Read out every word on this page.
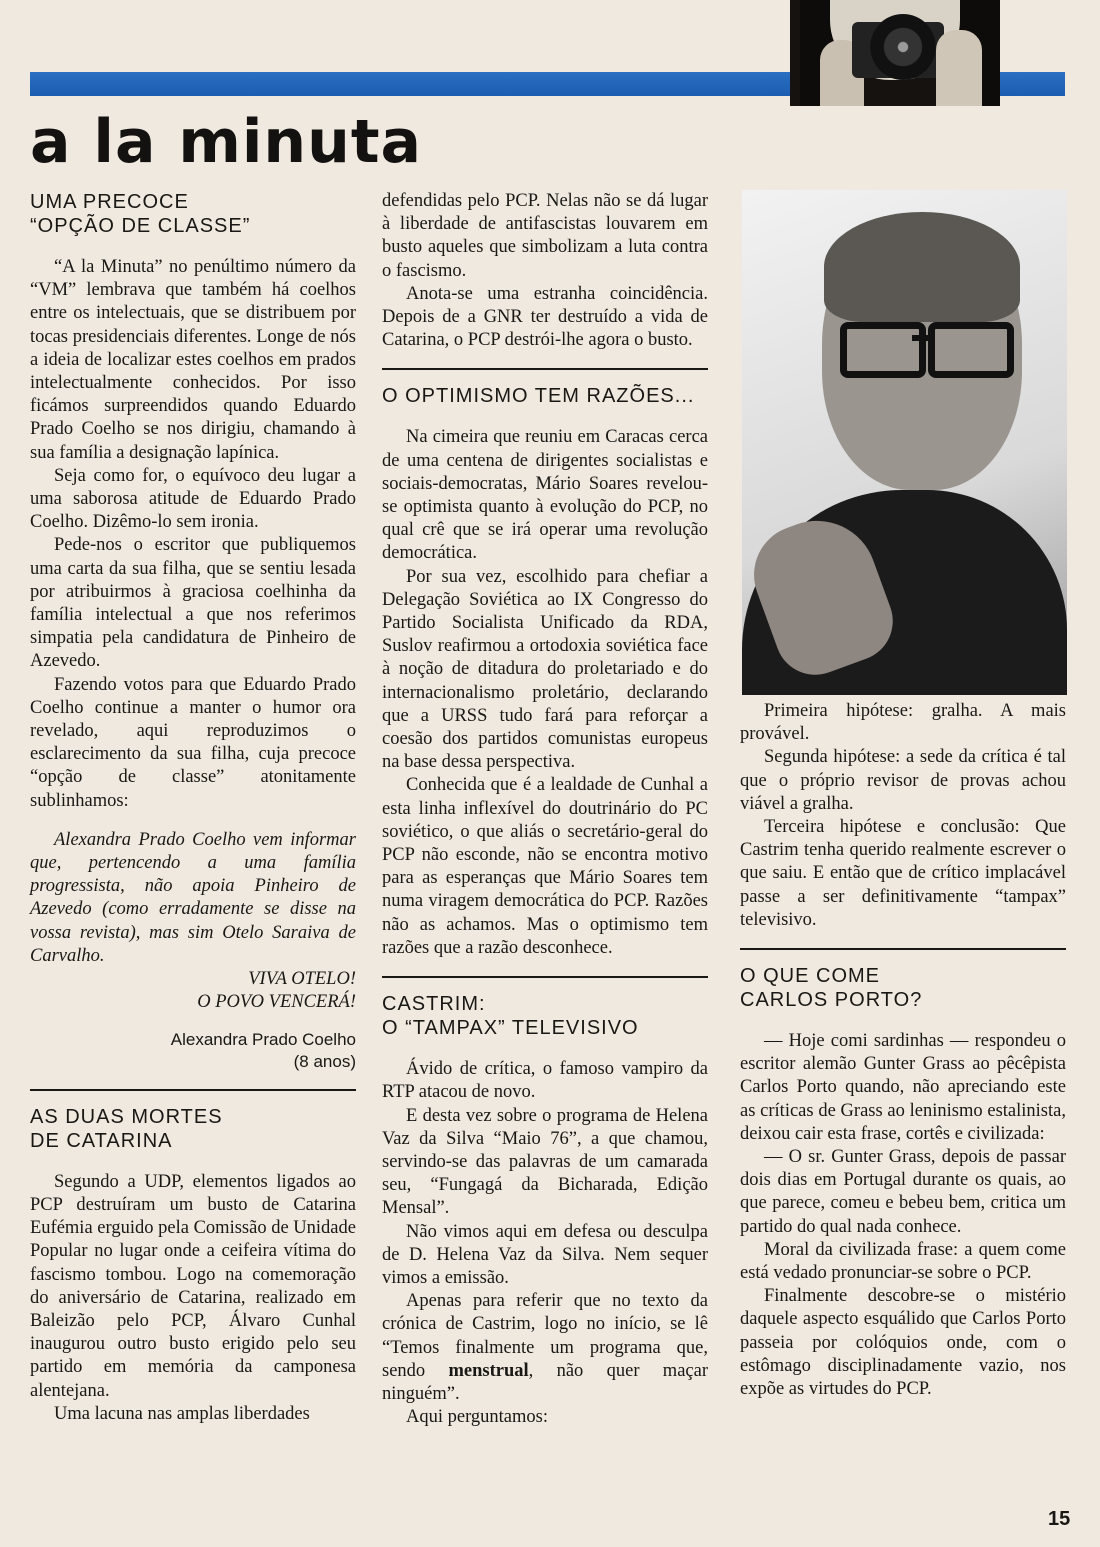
a la minuta
UMA PRECOCE
“OPÇÃO DE CLASSE”

“A la Minuta” no penúltimo número da “VM” lembrava que também há coelhos entre os intelectuais, que se distribuem por tocas presidenciais diferentes. Longe de nós a ideia de localizar estes coelhos em prados intelectualmente conhecidos. Por isso ficámos surpreendidos quando Eduardo Prado Coelho se nos dirigiu, chamando à sua família a designação lapínica.

Seja como for, o equívoco deu lugar a uma saborosa atitude de Eduardo Prado Coelho. Dizêmo-lo sem ironia.

Pede-nos o escritor que publiquemos uma carta da sua filha, que se sentiu lesada por atribuirmos à graciosa coelhinha da família intelectual a que nos referimos simpatia pela candidatura de Pinheiro de Azevedo.

Fazendo votos para que Eduardo Prado Coelho continue a manter o humor ora revelado, aqui reproduzimos o esclarecimento da sua filha, cuja precoce “opção de classe” atonitamente sublinhamos:

Alexandra Prado Coelho vem informar que, pertencendo a uma família progressista, não apoia Pinheiro de Azevedo (como erradamente se disse na vossa revista), mas sim Otelo Saraiva de Carvalho.

VIVA OTELO!

O POVO VENCERÁ!

Alexandra Prado Coelho
(8 anos)
AS DUAS MORTES
DE CATARINA

Segundo a UDP, elementos ligados ao PCP destruíram um busto de Catarina Eufémia erguido pela Comissão de Unidade Popular no lugar onde a ceifeira vítima do fascismo tombou. Logo na comemoração do aniversário de Catarina, realizado em Baleizão pelo PCP, Álvaro Cunhal inaugurou outro busto erigido pelo seu partido em memória da camponesa alentejana.

Uma lacuna nas amplas liberdades

defendidas pelo PCP. Nelas não se dá lugar à liberdade de antifascistas louvarem em busto aqueles que simbolizam a luta contra o fascismo.

Anota-se uma estranha coincidência. Depois de a GNR ter destruído a vida de Catarina, o PCP destrói-lhe agora o busto.

O OPTIMISMO TEM RAZÕES...

Na cimeira que reuniu em Caracas cerca de uma centena de dirigentes socialistas e sociais-democratas, Mário Soares revelou-se optimista quanto à evolução do PCP, no qual crê que se irá operar uma revolução democrática.

Por sua vez, escolhido para chefiar a Delegação Soviética ao IX Congresso do Partido Socialista Unificado da RDA, Suslov reafirmou a ortodoxia soviética face à noção de ditadura do proletariado e do internacionalismo proletário, declarando que a URSS tudo fará para reforçar a coesão dos partidos comunistas europeus na base dessa perspectiva.

Conhecida que é a lealdade de Cunhal a esta linha inflexível do doutrinário do PC soviético, o que aliás o secretário-geral do PCP não esconde, não se encontra motivo para as esperanças que Mário Soares tem numa viragem democrática do PCP. Razões não as achamos. Mas o optimismo tem razões que a razão desconhece.

CASTRIM:
O “TAMPAX” TELEVISIVO

Ávido de crítica, o famoso vampiro da RTP atacou de novo.

E desta vez sobre o programa de Helena Vaz da Silva “Maio 76”, a que chamou, servindo-se das palavras de um camarada seu, “Fungagá da Bicharada, Edição Mensal”.

Não vimos aqui em defesa ou desculpa de D. Helena Vaz da Silva. Nem sequer vimos a emissão.

Apenas para referir que no texto da crónica de Castrim, logo no início, se lê “Temos finalmente um programa que, sendo menstrual, não quer maçar ninguém”.

Aqui perguntamos:

Primeira hipótese: gralha. A mais provável.

Segunda hipótese: a sede da crítica é tal que o próprio revisor de provas achou viável a gralha.

Terceira hipótese e conclusão: Que Castrim tenha querido realmente escrever o que saiu. E então que de crítico implacável passe a ser definitivamente “tampax” televisivo.

O QUE COME
CARLOS PORTO?

— Hoje comi sardinhas — respondeu o escritor alemão Gunter Grass ao pêcêpista Carlos Porto quando, não apreciando este as críticas de Grass ao leninismo estalinista, deixou cair esta frase, cortês e civilizada:

— O sr. Gunter Grass, depois de passar dois dias em Portugal durante os quais, ao que parece, comeu e bebeu bem, critica um partido do qual nada conhece.

Moral da civilizada frase: a quem come está vedado pronunciar-se sobre o PCP.

Finalmente descobre-se o mistério daquele aspecto esquálido que Carlos Porto passeia por colóquios onde, com o estômago disciplinadamente vazio, nos expõe as virtudes do PCP.

15
